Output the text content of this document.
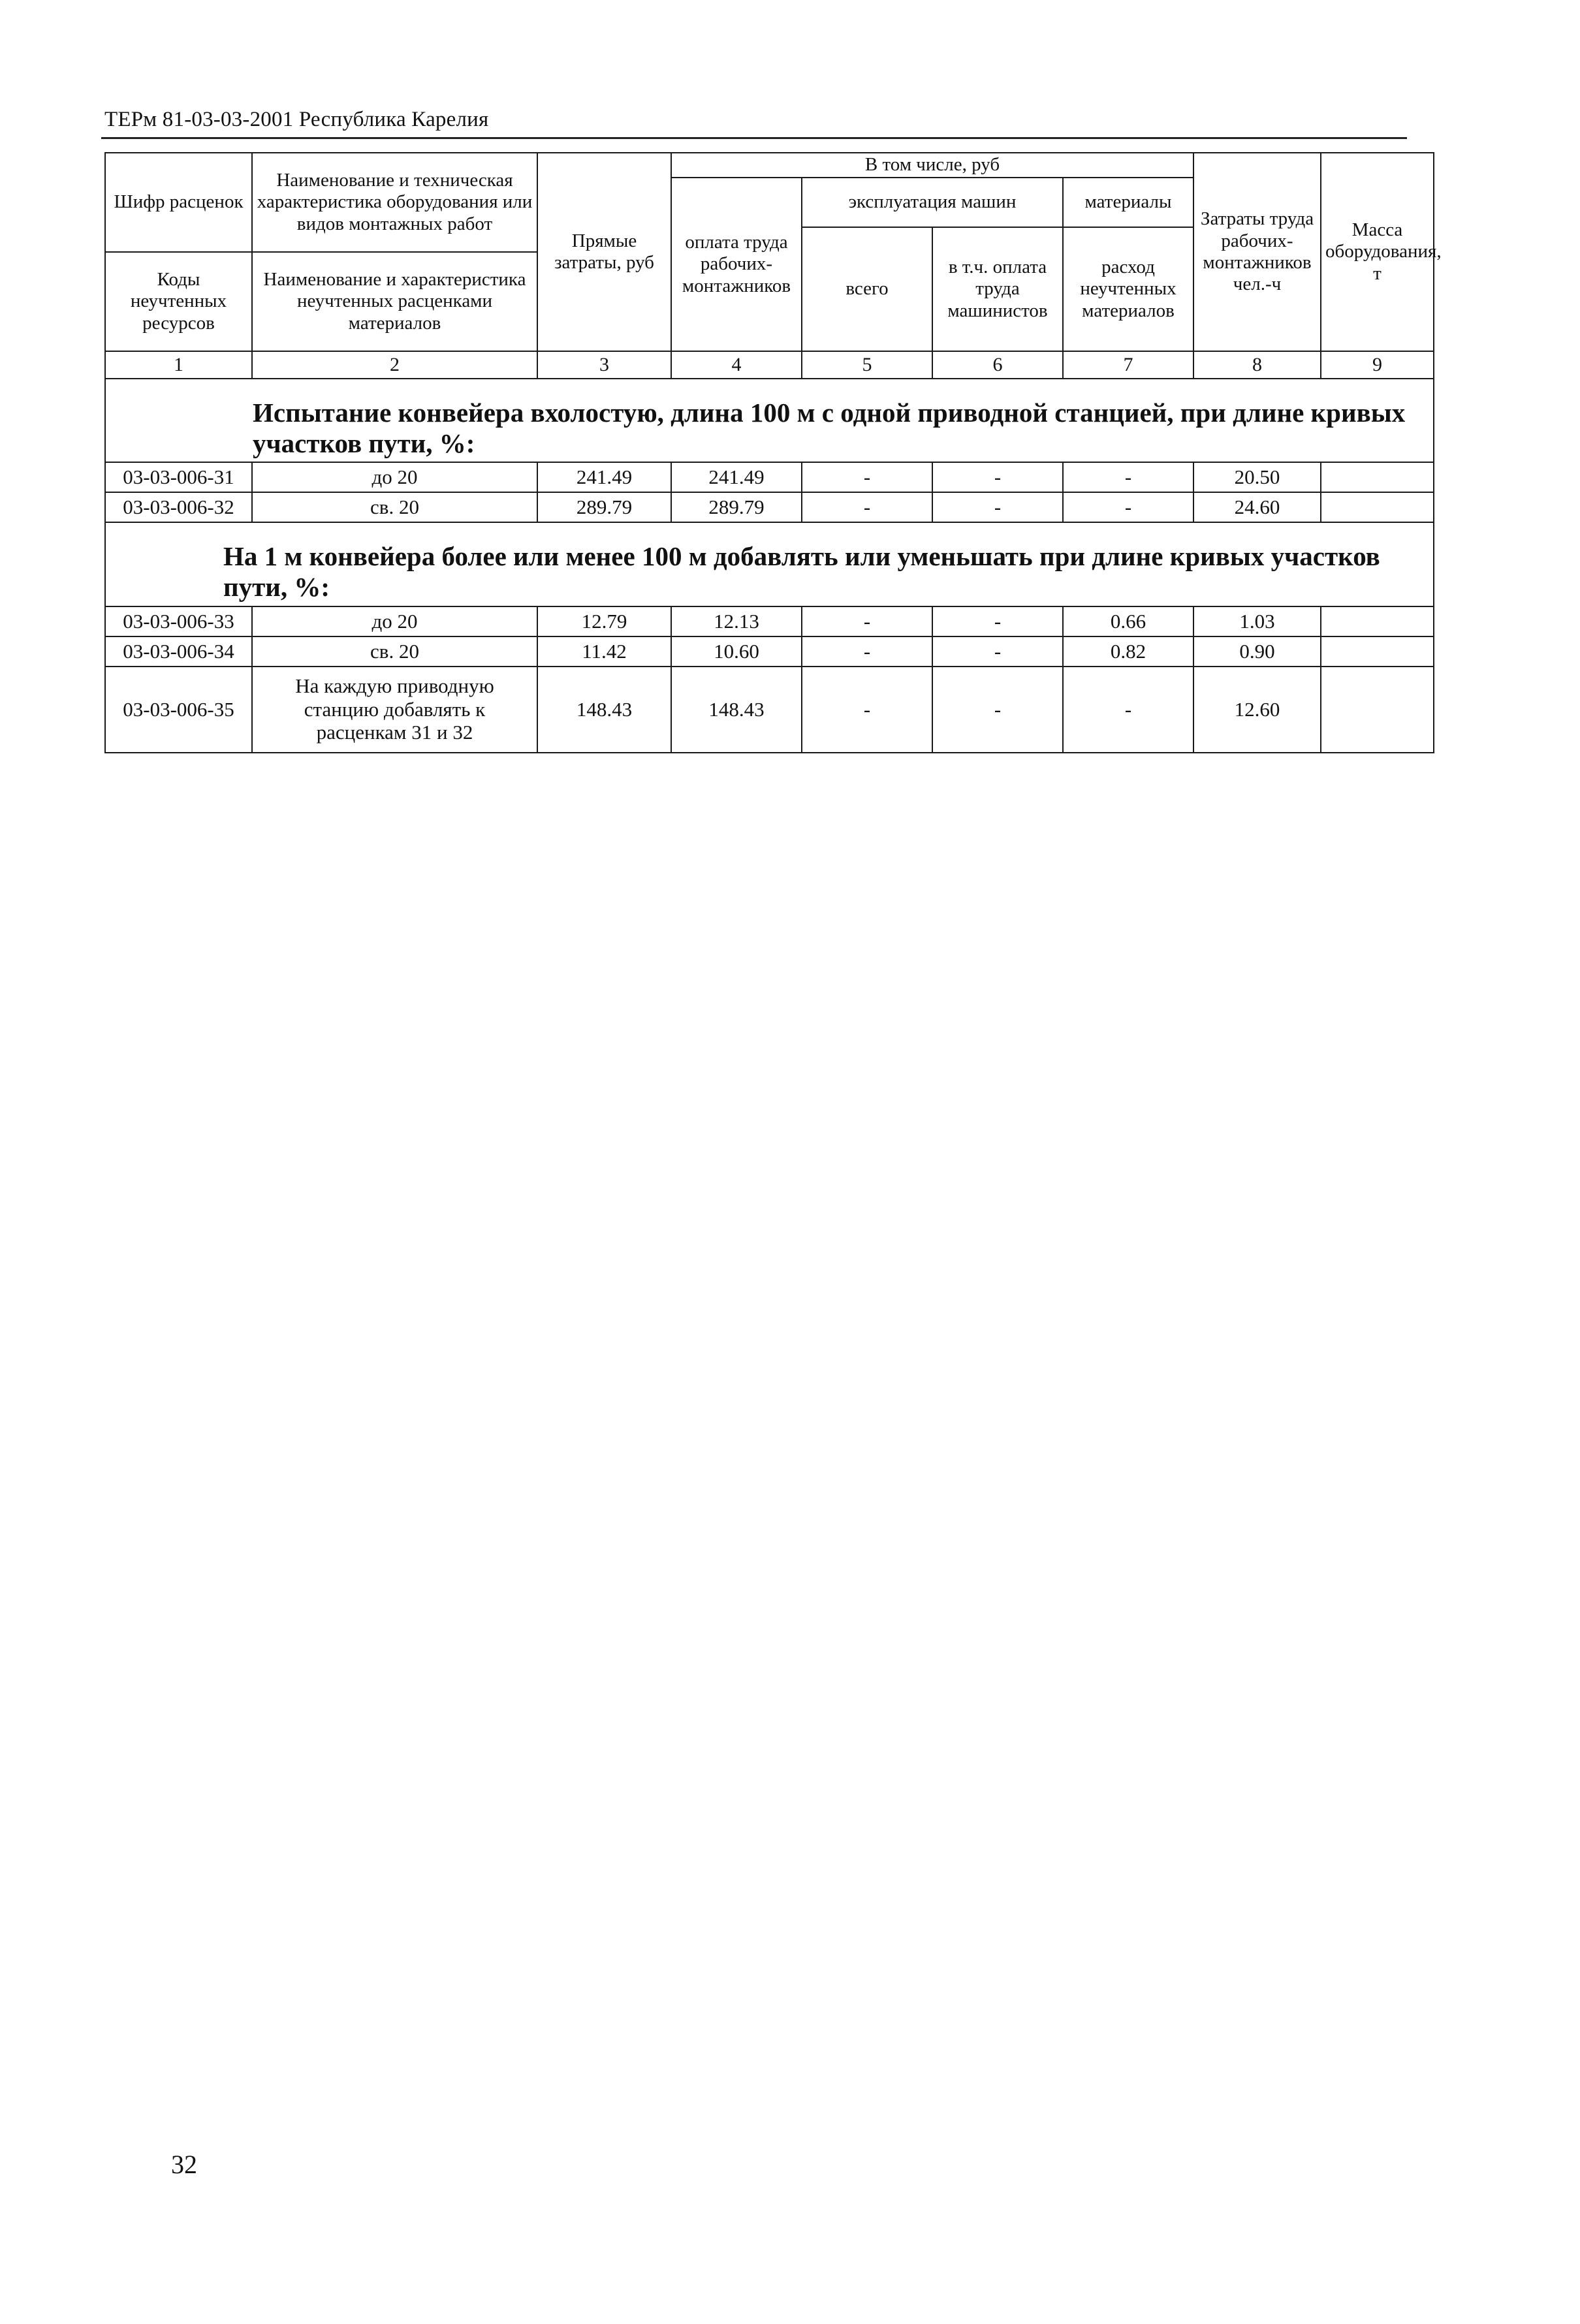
ТЕРм 81-03-03-2001 Республика Карелия
Шифр расценок	Наименование и техническая характеристика оборудования или видов монтажных работ	Прямые затраты, руб	В том числе, руб				Затраты труда рабочих-монтажников чел.-ч	Масса оборудования, т
			оплата труда рабочих-монтажников	эксплуатация машин		материалы		
				всего	в т.ч. оплата труда машинистов	расход неучтенных материалов		
Коды неучтенных ресурсов	Наименование и характеристика неучтенных расценками материалов							

1	2	3	4	5	6	7	8	9
Испытание конвейера вхолостую, длина 100 м с одной приводной станцией, при длине кривых участков пути, %:								
03-03-006-31	до 20	241.49	241.49	-	-	-	20.50	
03-03-006-32	св. 20	289.79	289.79	-	-	-	24.60	
На 1 м конвейера более или менее 100 м добавлять или уменьшать при длине кривых участков пути, %:								
03-03-006-33	до 20	12.79	12.13	-	-	0.66	1.03	
03-03-006-34	св. 20	11.42	10.60	-	-	0.82	0.90	
03-03-006-35	На каждую приводную станцию добавлять к расценкам 31 и 32	148.43	148.43	-	-	-	12.60	
32
